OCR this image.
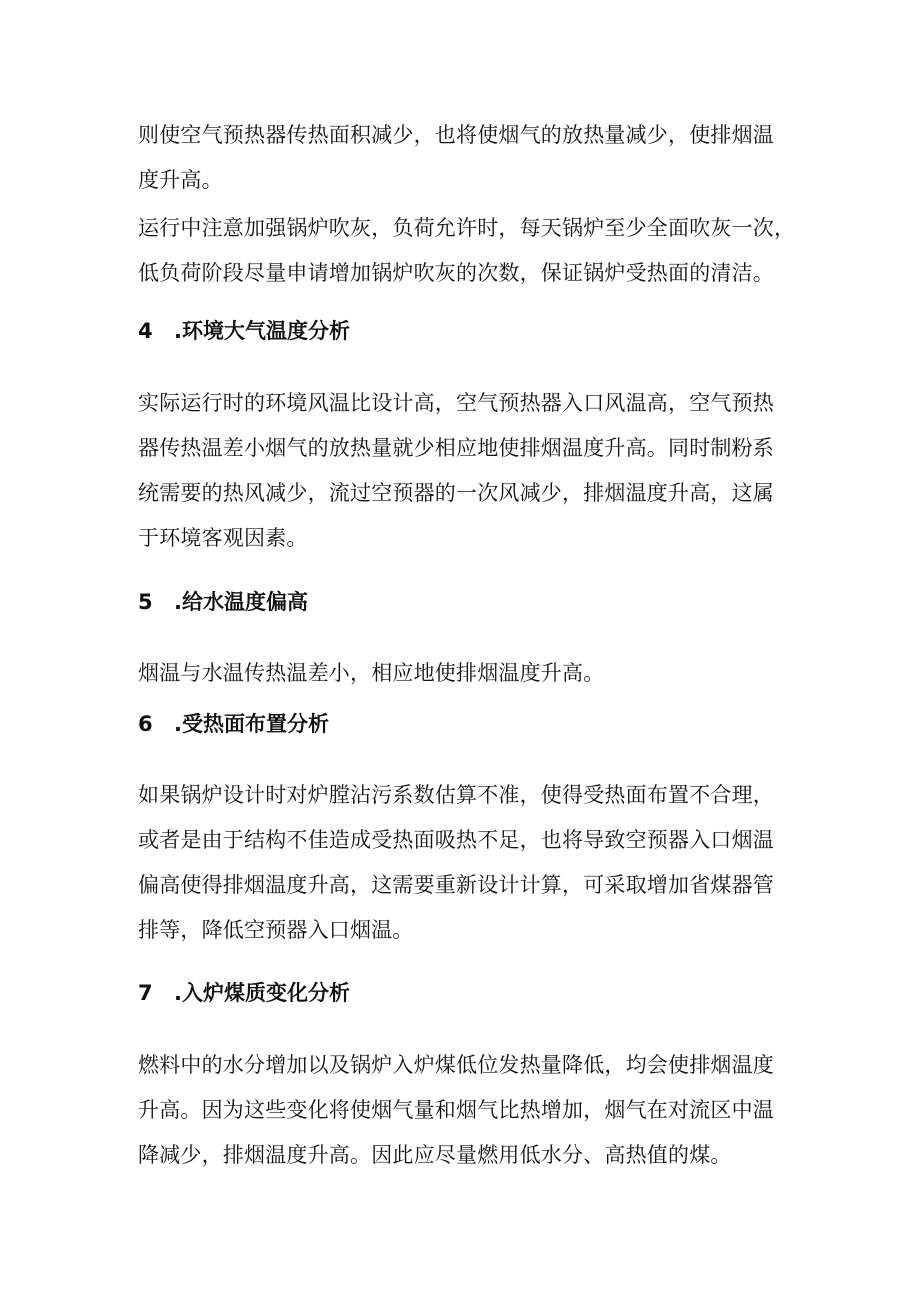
则使空气预热器传热面积减少，也将使烟气的放热量减少，使排烟温
度升高。

运行中注意加强锅炉吹灰，负荷允许时，每天锅炉至少全面吹灰一次，
低负荷阶段尽量申请增加锅炉吹灰的次数，保证锅炉受热面的清洁。

4 .环境大气温度分析

实际运行时的环境风温比设计高，空气预热器入口风温高，空气预热
器传热温差小烟气的放热量就少相应地使排烟温度升高。同时制粉系
统需要的热风减少，流过空预器的一次风减少，排烟温度升高，这属
于环境客观因素。

5 .给水温度偏高

烟温与水温传热温差小，相应地使排烟温度升高。

6 .受热面布置分析

如果锅炉设计时对炉膛沾污系数估算不准，使得受热面布置不合理，
或者是由于结构不佳造成受热面吸热不足，也将导致空预器入口烟温
偏高使得排烟温度升高，这需要重新设计计算，可采取增加省煤器管
排等，降低空预器入口烟温。

7 .入炉煤质变化分析

燃料中的水分增加以及锅炉入炉煤低位发热量降低，均会使排烟温度
升高。因为这些变化将使烟气量和烟气比热增加，烟气在对流区中温
降减少，排烟温度升高。因此应尽量燃用低水分、高热值的煤。
